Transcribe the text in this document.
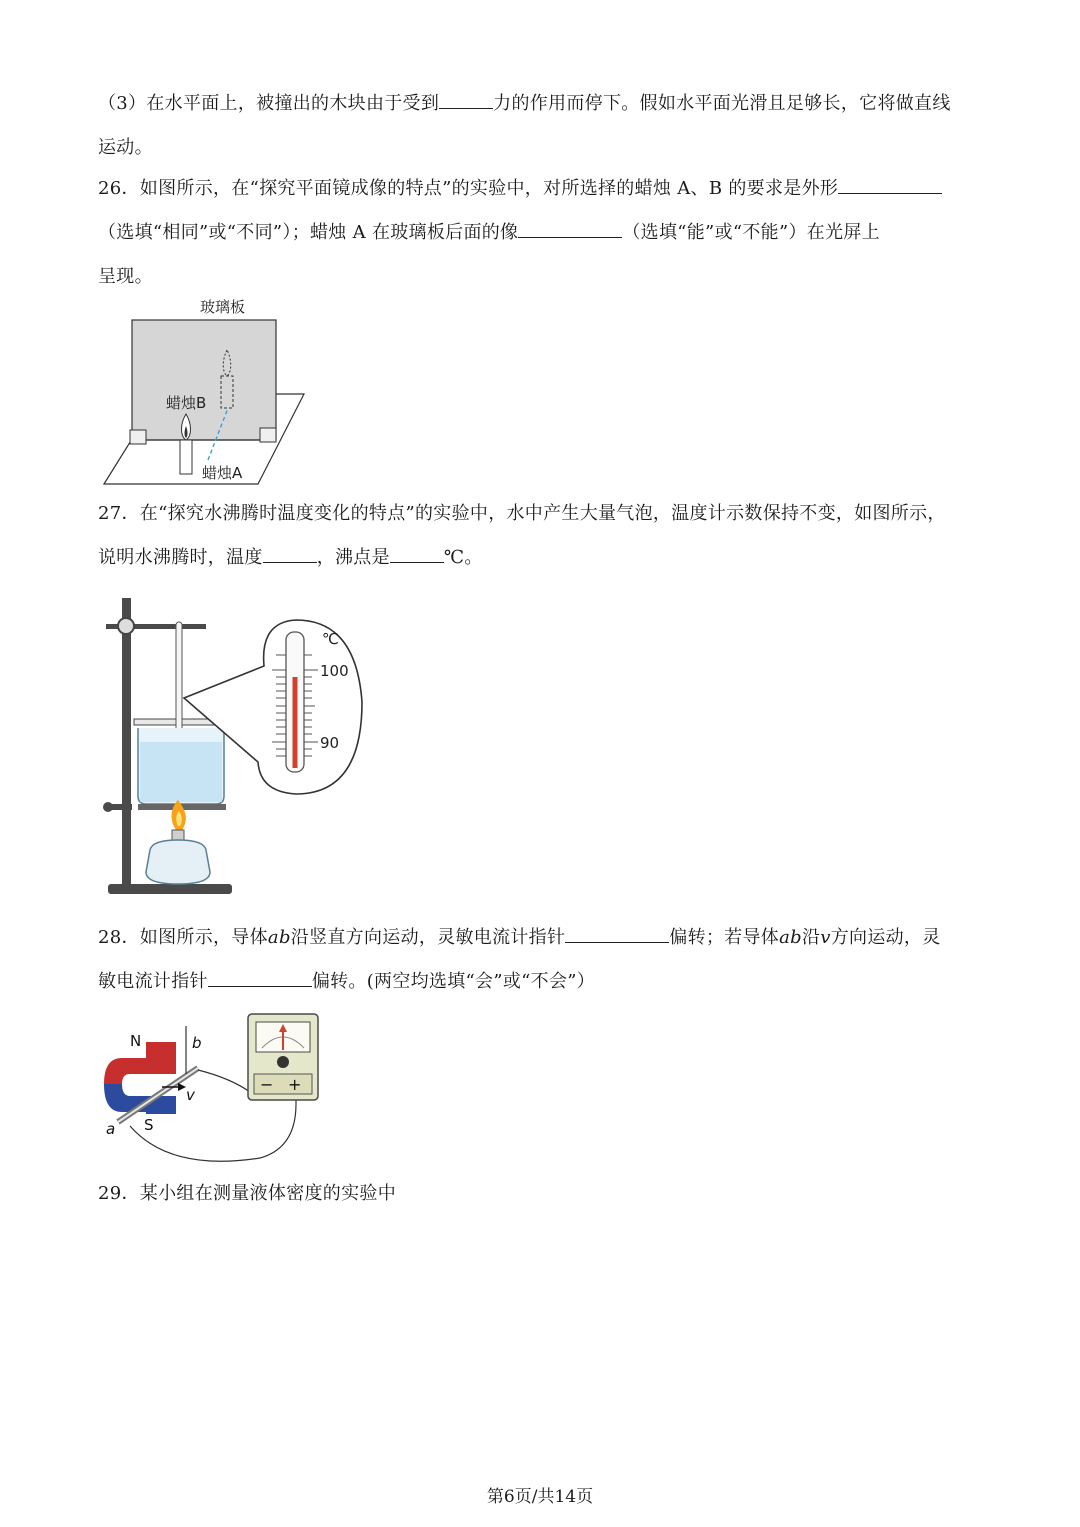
（3）在水平面上，被撞出的木块由于受到	力的作用而停下。假如水平面光滑且足够长，它将做直线
运动。
26．如图所示，在“探究平面镜成像的特点”的实验中，对所选择的蜡烛 A、B 的要求是外形
（选填“相同”或“不同”）；蜡烛 A 在玻璃板后面的像	（选填“能”或“不能”）在光屏上
呈现。
玻璃板
蜡烛B
蜡烛A
27．在“探究水沸腾时温度变化的特点”的实验中，水中产生大量气泡，温度计示数保持不变，如图所示，
说明水沸腾时，温度	，沸点是	℃。
℃
100
90
28．如图所示，导体ab沿竖直方向运动，灵敏电流计指针	偏转；若导体ab沿v方向运动，灵
敏电流计指针	偏转。(两空均选填“会”或“不会”）
N	b
v
a S
− +
29．某小组在测量液体密度的实验中
第6页/共14页
